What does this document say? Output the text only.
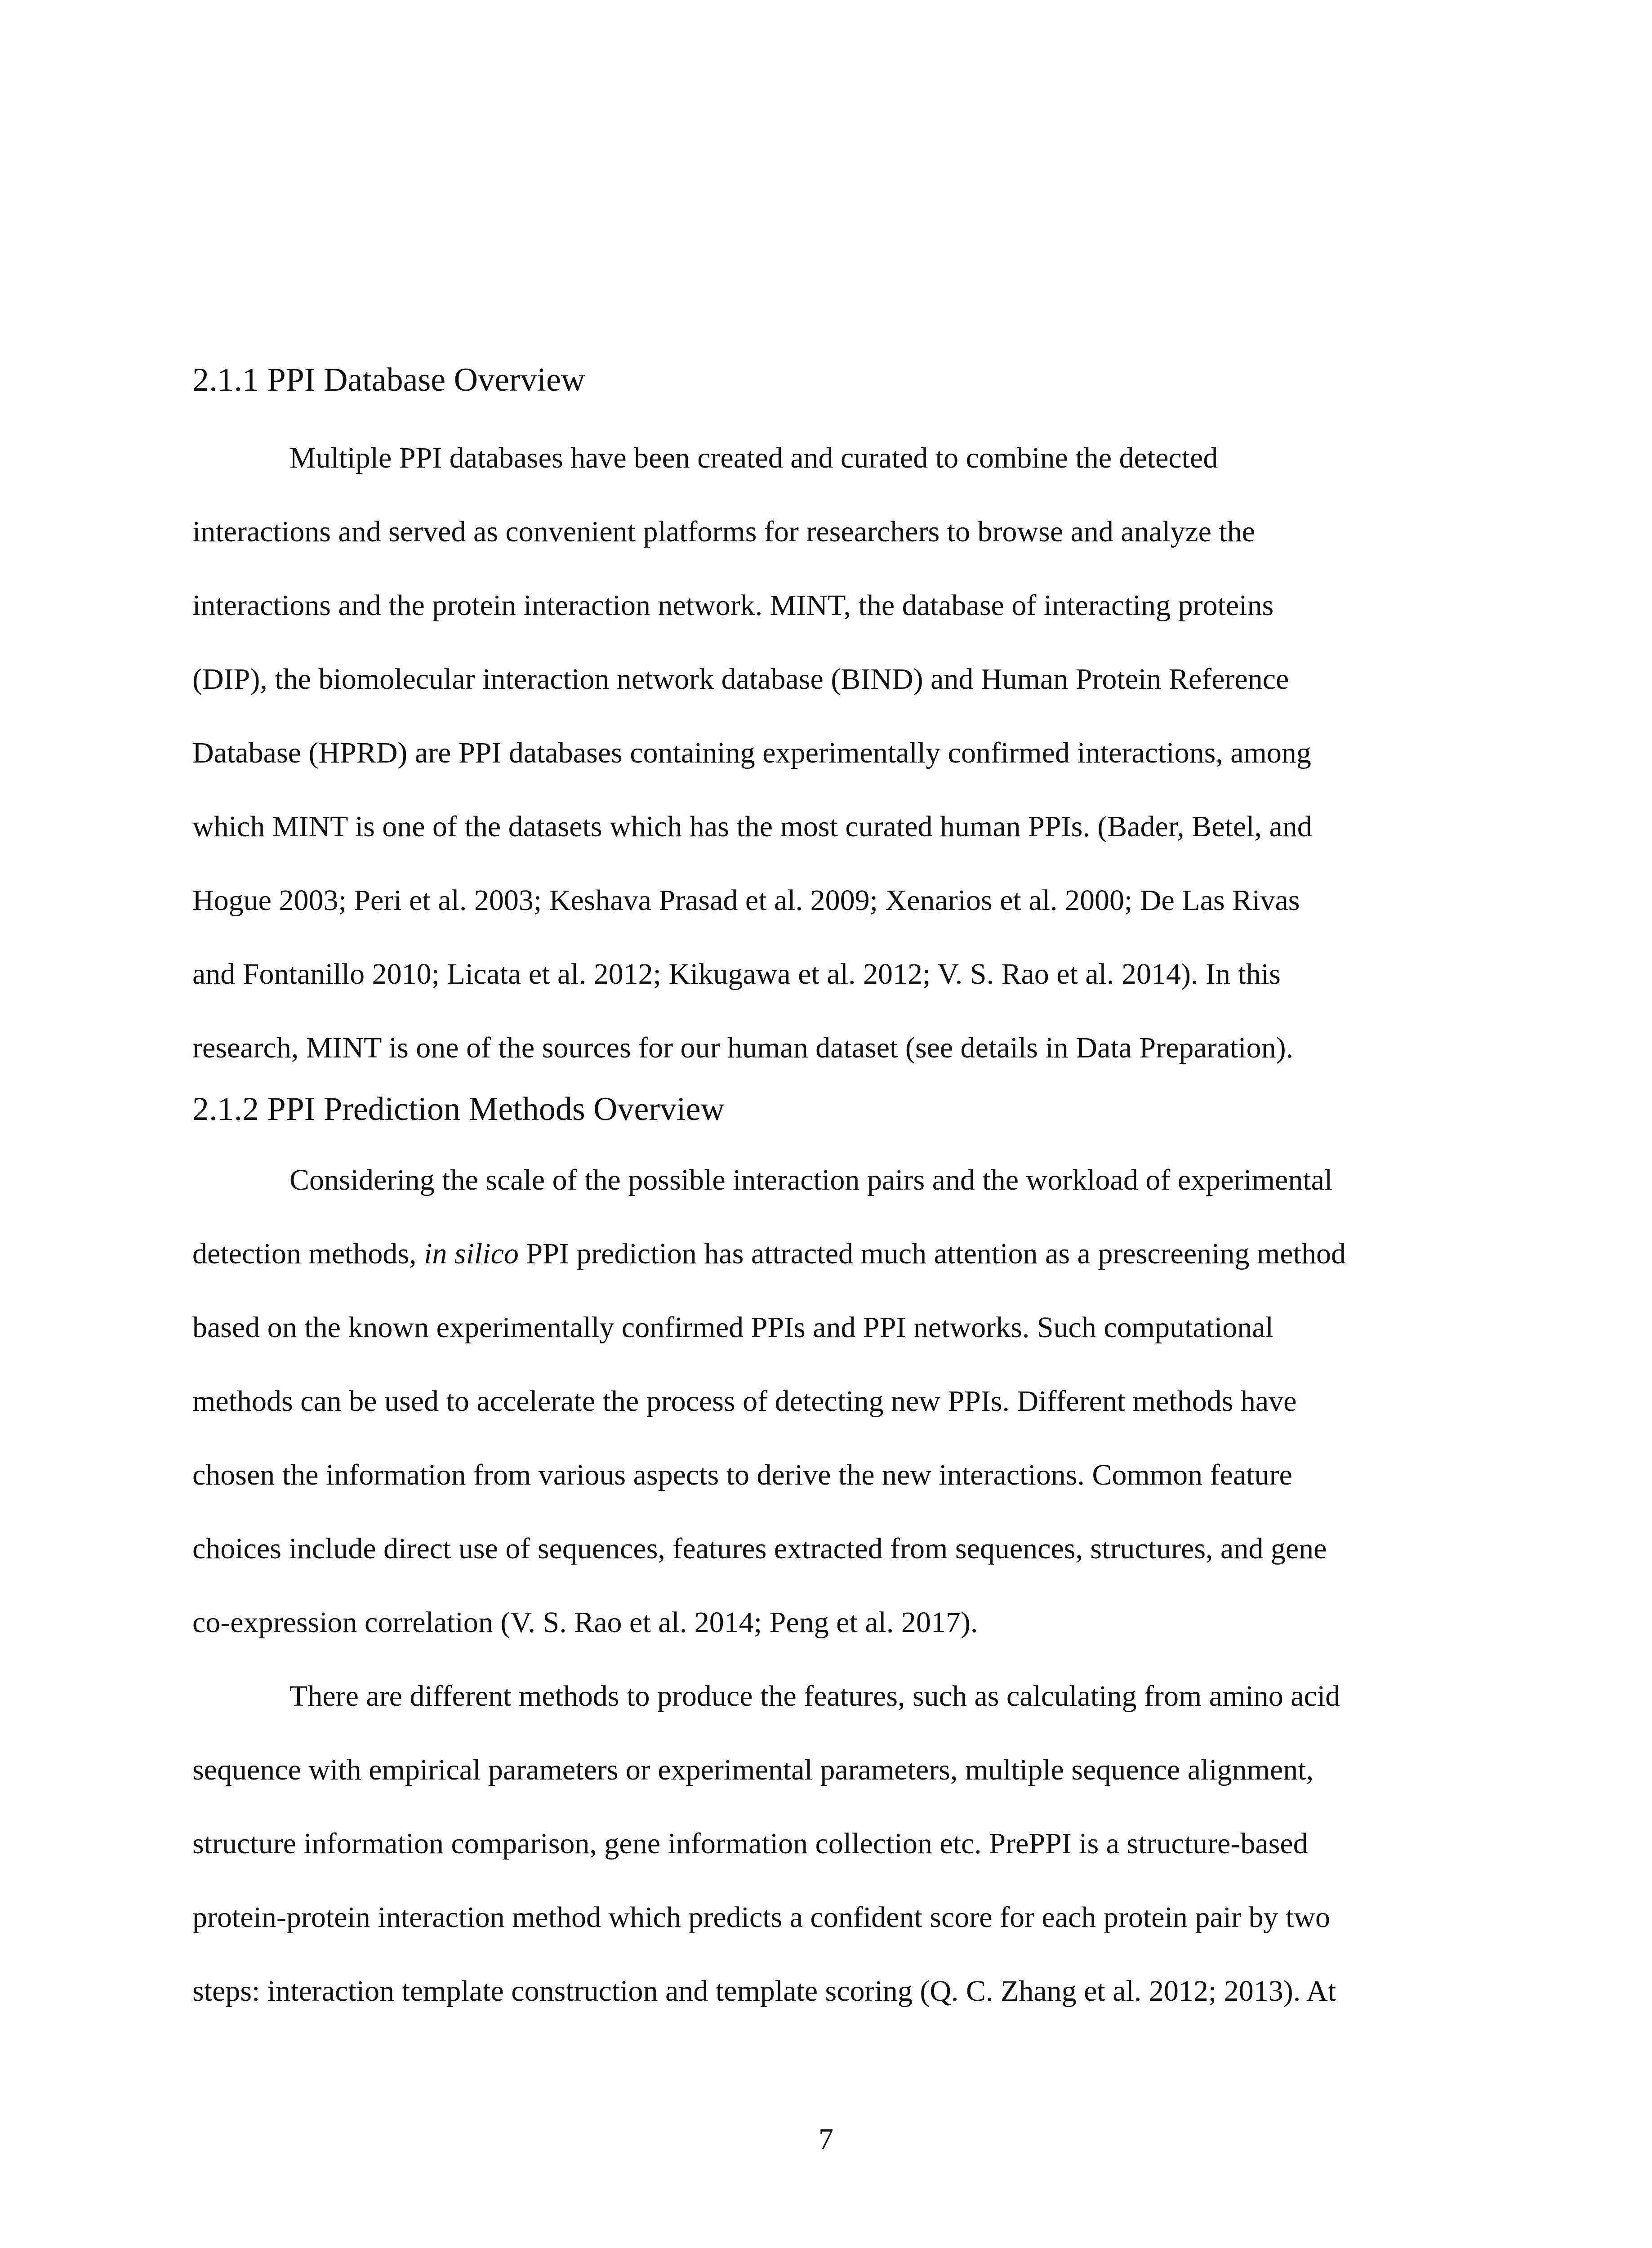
2.1.1 PPI Database Overview
Multiple PPI databases have been created and curated to combine the detected
interactions and served as convenient platforms for researchers to browse and analyze the
interactions and the protein interaction network. MINT, the database of interacting proteins
(DIP), the biomolecular interaction network database (BIND) and Human Protein Reference
Database (HPRD) are PPI databases containing experimentally confirmed interactions, among
which MINT is one of the datasets which has the most curated human PPIs. (Bader, Betel, and
Hogue 2003; Peri et al. 2003; Keshava Prasad et al. 2009; Xenarios et al. 2000; De Las Rivas
and Fontanillo 2010; Licata et al. 2012; Kikugawa et al. 2012; V. S. Rao et al. 2014). In this
research, MINT is one of the sources for our human dataset (see details in Data Preparation).
2.1.2 PPI Prediction Methods Overview
Considering the scale of the possible interaction pairs and the workload of experimental
detection methods, in silico PPI prediction has attracted much attention as a prescreening method
based on the known experimentally confirmed PPIs and PPI networks. Such computational
methods can be used to accelerate the process of detecting new PPIs. Different methods have
chosen the information from various aspects to derive the new interactions. Common feature
choices include direct use of sequences, features extracted from sequences, structures, and gene
co-expression correlation (V. S. Rao et al. 2014; Peng et al. 2017).
There are different methods to produce the features, such as calculating from amino acid
sequence with empirical parameters or experimental parameters, multiple sequence alignment,
structure information comparison, gene information collection etc. PrePPI is a structure-based
protein-protein interaction method which predicts a confident score for each protein pair by two
steps: interaction template construction and template scoring (Q. C. Zhang et al. 2012; 2013). At
7
